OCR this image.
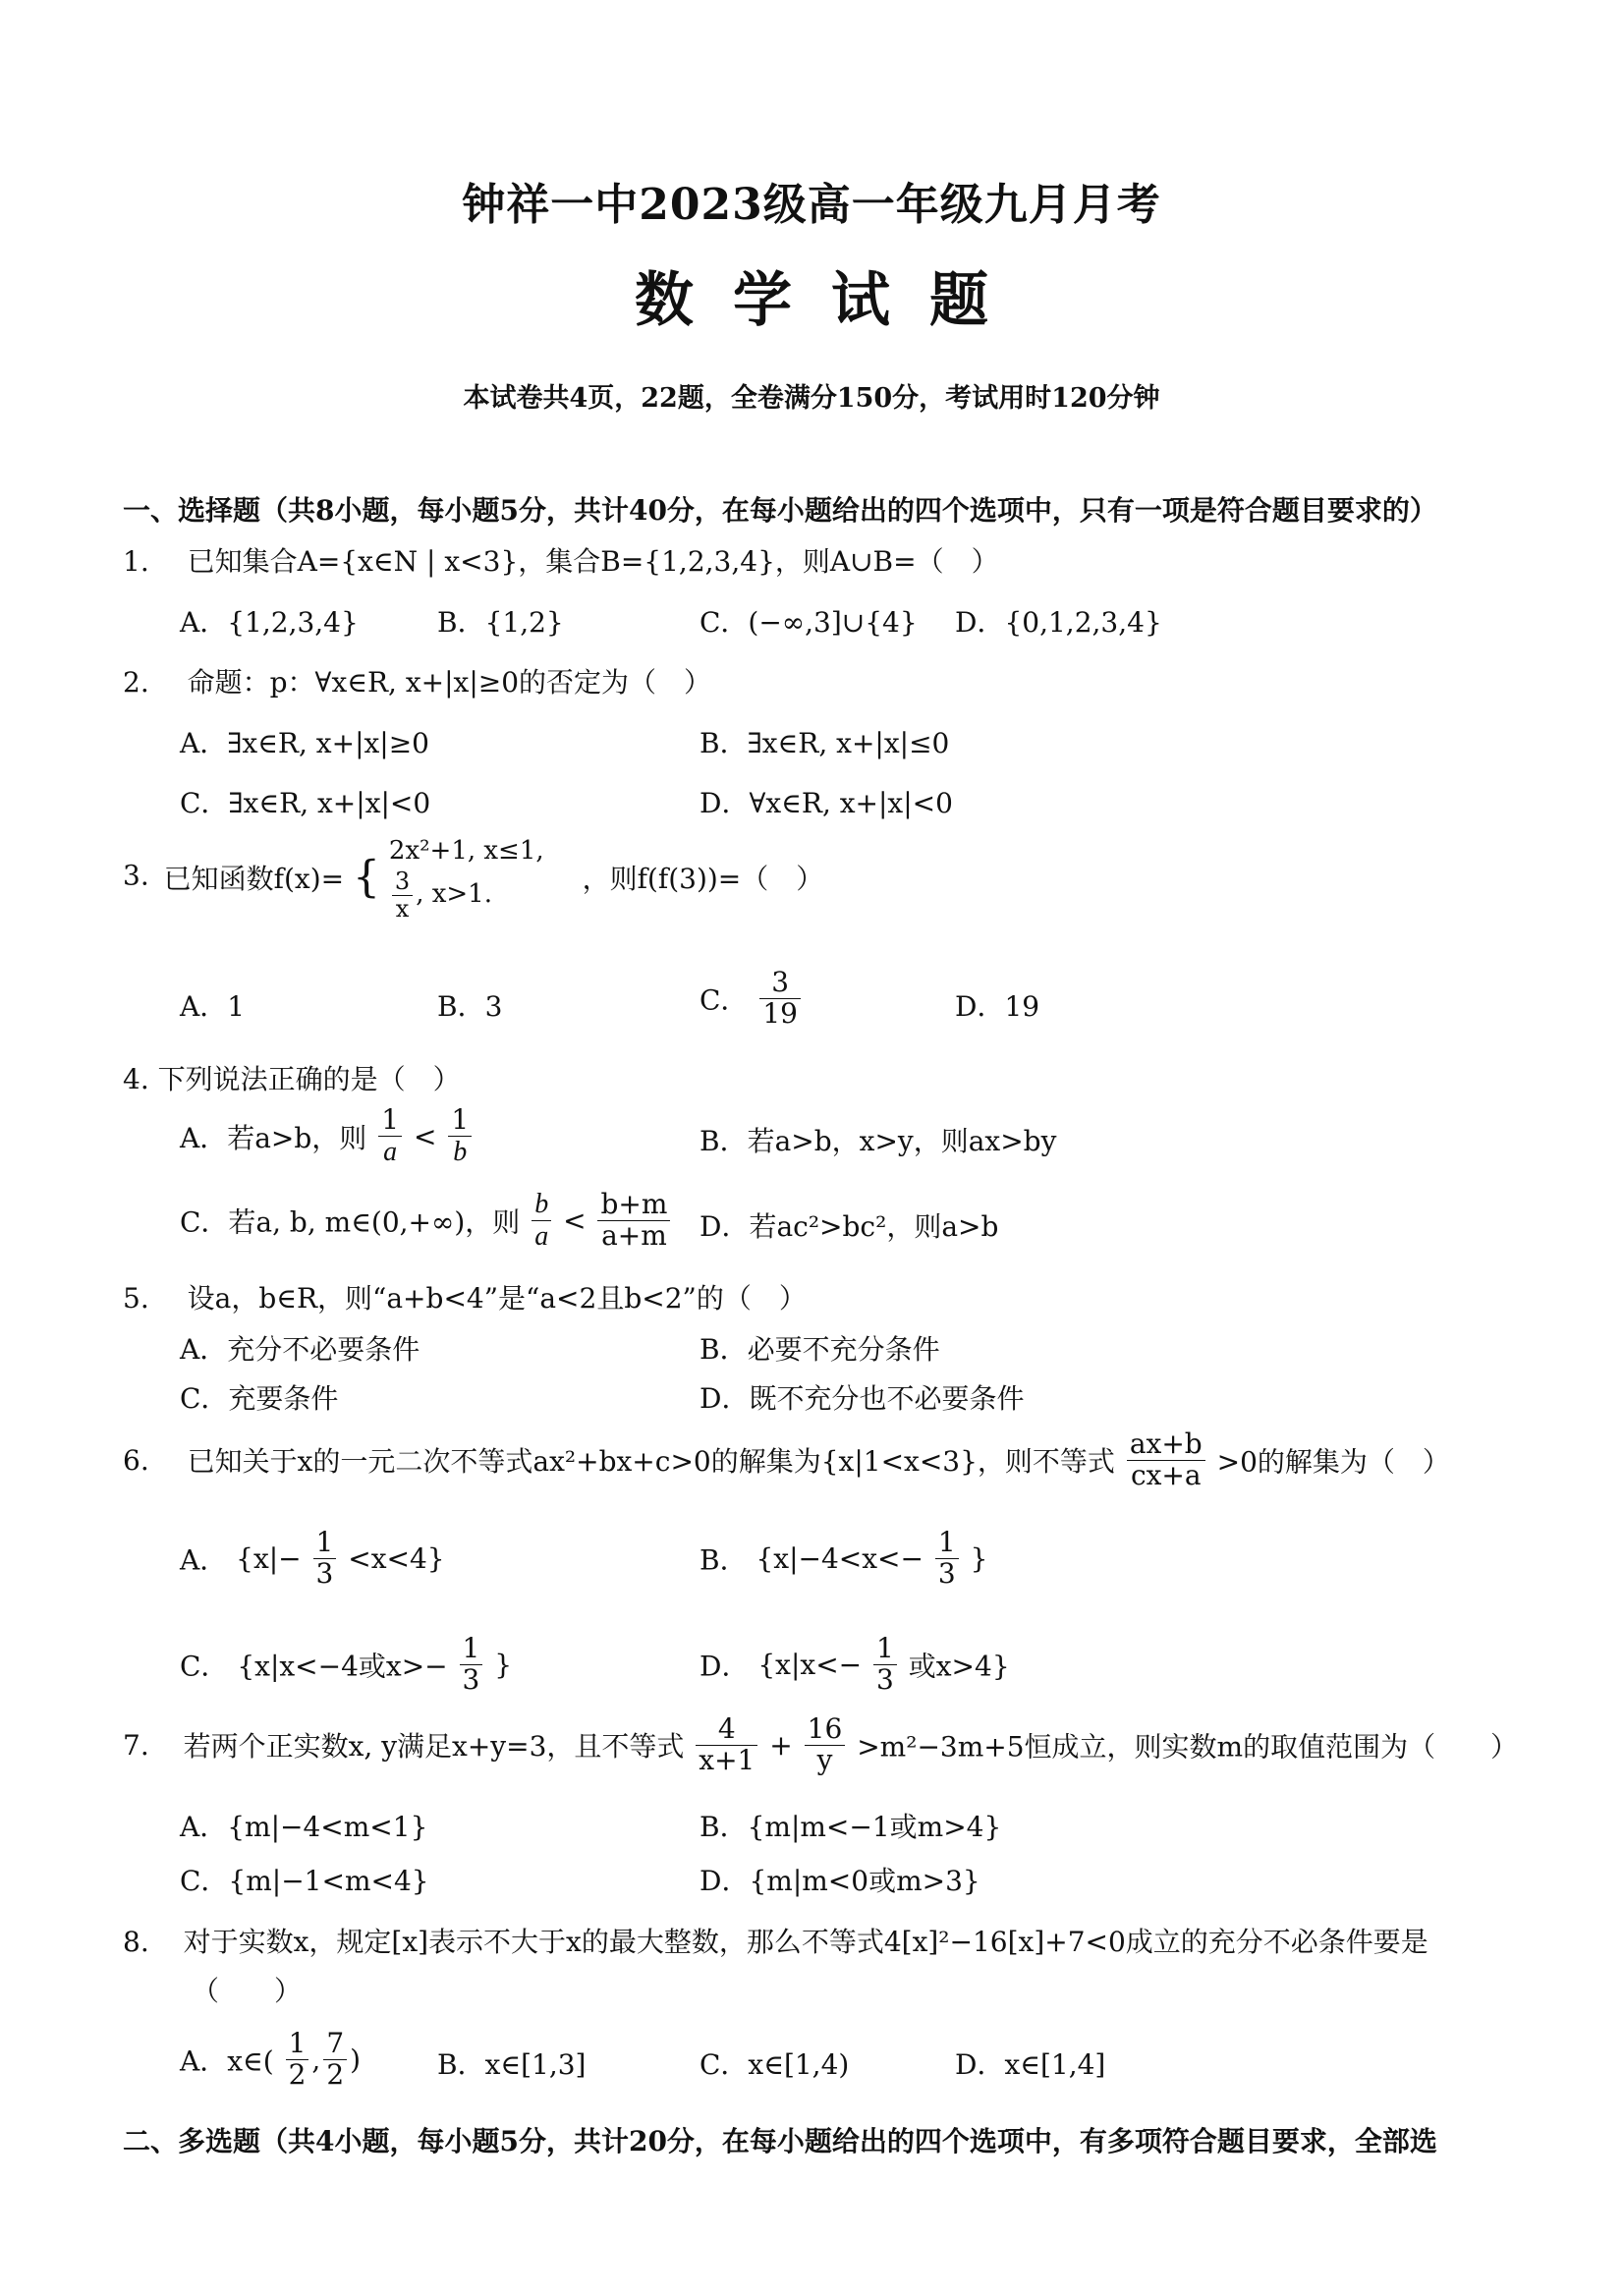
钟祥一中2023级高一年级九月月考
数学试题
本试卷共4页，22题，全卷满分150分，考试用时120分钟
一、选择题（共8小题，每小题5分，共计40分，在每小题给出的四个选项中，只有一项是符合题目要求的）
1. 已知集合A={x∈N | x<3}，集合B={1,2,3,4}，则A∪B=（　）
A．{1,2,3,4}	B．{1,2}	C．(−∞,3]∪{4} D．{0,1,2,3,4}
2. 命题：p：∀x∈R, x+|x|≥0的否定为（　）
A．∃x∈R, x+|x|≥0	B．∃x∈R, x+|x|≤0
C．∃x∈R, x+|x|<0	D．∀x∈R, x+|x|<0
3. 已知函数f(x)= {
2x²+1, x≤1,
$\frac{3}{x}$ , x>1.	，则f(f(3))=（　）
A．1	B．3	C． $\frac{3}{19}$	D．19
4. 下列说法正确的是（　）
A．若a>b，则 $\frac{1}{a} < \frac{1}{b}$	B．若a>b，x>y，则ax>by
C．若a, b, m∈(0,+∞)，则 $\frac{b}{a} < \frac{b+m}{a+m}$ D．若ac²>bc²，则a>b
5. 设a，b∈R，则“a+b<4”是“a<2且b<2”的（　）
A．充分不必要条件	B．必要不充分条件
C．充要条件	D．既不充分也不必要条件
6. 已知关于x的一元二次不等式ax²+bx+c>0的解集为{x|1<x<3}，则不等式 $\frac{ax+b}{cx+a} >0$的解集为（　）
A． $\{x|- \frac{1}{3} <x<4\}$	B． {$x|-4<x<- \frac{1}{3}$ }
C． {x|x<−4或$x>- \frac{1}{3}$ }	D． {$x|x<- \frac{1}{3}$ 或x>4}
7. 若两个正实数x, y满足x+y=3，且不等式 $\frac{4}{x+1} + \frac{16}{y} >m^2-3m+5$恒成立，则实数m的取值范围为（　　）
A．{m|−4<m<1}	B．{m|m<−1或m>4}
C．{m|−1<m<4}	D．{m|m<0或m>3}
8. 对于实数x，规定[x]表示不大于x的最大整数，那么不等式4[x]²−16[x]+7<0成立的充分不必条件要是
（　　）
A．x∈( $\frac{1}{2}$ , $\frac{7}{2}$ )	B．x∈[1,3]	C．x∈[1,4)	D．x∈[1,4]
二、多选题（共4小题，每小题5分，共计20分，在每小题给出的四个选项中，有多项符合题目要求，全部选
